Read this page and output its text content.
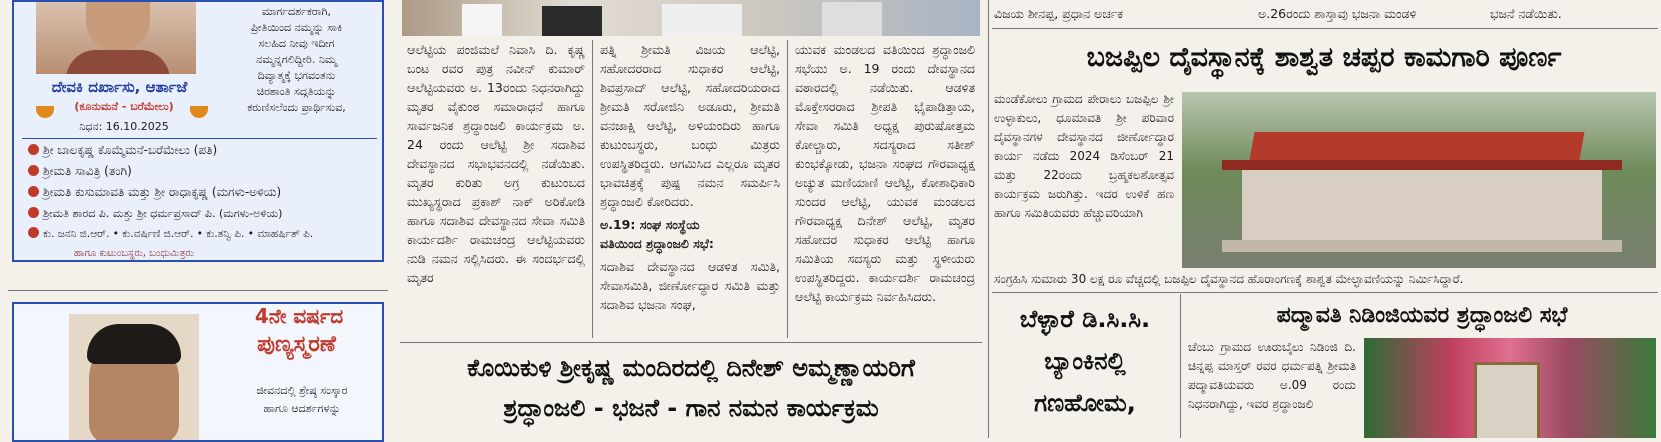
ಮಾರ್ಗದರ್ಶಕರಾಗಿ,
ಪ್ರೀತಿಯಿಂದ ನಮ್ಮನ್ನು ಸಾಕಿ
ಸಲಹಿದ ನೀವು ಇದೀಗ
ನಮ್ಮನ್ನಗಲಿದ್ದೀರಿ. ನಿಮ್ಮ
ದಿವ್ಯಾತ್ಮಕ್ಕೆ ಭಗವಂತನು
ಚಿರಶಾಂತಿ ಸದ್ಗತಿಯನ್ನು
ಕರುಣಿಸಲೆಂದು ಪ್ರಾರ್ಥಿಸುವ,
ದೇವಕಿ ದರ್ಖಾಸು, ಆರ್ತಾಜೆ
(ಕೂನುಮನೆ - ಬರೆಮೇಲು)
ನಿಧನ: 16.10.2025
ಶ್ರೀ ಬಾಲಕೃಷ್ಣ ಕೊಮ್ಮೆಮನೆ-ಬರೆಮೇಲು (ಪತಿ)
ಶ್ರೀಮತಿ ಸಾವಿತ್ರಿ (ತಂಗಿ)
ಶ್ರೀಮತಿ ಕುಸುಮಾವತಿ ಮತ್ತು ಶ್ರೀ ರಾಧಾಕೃಷ್ಣ (ಮಗಳು-ಅಳಿಯ)
ಶ್ರೀಮತಿ ಶಾರದ ಪಿ. ಮತ್ತು ಶ್ರೀ ಧರ್ಮಪ್ರಸಾದ್ ಪಿ. (ಮಗಳು-ಅಳಿಯ)
ಕು. ಜನನಿ ಜಿ.ಆರ್. • ಕು.ವರ್ಷಿಣಿ ಜಿ.ಆರ್. • ಕು.ತನ್ವಿ ಪಿ. • ಮಾಹರ್ಷಿತ್ ಪಿ.
ಹಾಗೂ ಕುಟುಂಬಸ್ಥರು, ಬಂಧುಮಿತ್ರರು
4ನೇ ವರ್ಷದ
ಪುಣ್ಯಸ್ಮರಣೆ
ಜೀವನದಲ್ಲಿ ಶ್ರೇಷ್ಠ ಸಂಸ್ಕಾರ
ಹಾಗೂ ಆದರ್ಶಗಳನ್ನು
ಆಲೆಟ್ಟಿಯ ಪಂಜಿಮಲೆ ನಿವಾಸಿ ದಿ. ಕೃಷ್ಣ ಬಂಟ ರವರ ಪುತ್ರ ನವೀನ್ ಕುಮಾರ್ ಆಲೆಟ್ಟಿಯವರು ಅ. 13ರಂದು ನಿಧನರಾಗಿದ್ದು ಮೃತರ ವೈಕುಂಠ ಸಮಾರಾಧನೆ ಹಾಗೂ ಸಾರ್ವಜನಿಕ ಶ್ರದ್ಧಾಂಜಲಿ ಕಾರ್ಯಕ್ರಮ ಅ. 24 ರಂದು ಆಲೆಟ್ಟಿ ಶ್ರೀ ಸದಾಶಿವ ದೇವಸ್ಥಾನದ ಸಭಾಭವನದಲ್ಲಿ ನಡೆಯಿತು. ಮೃತರ ಕುರಿತು ಅಗ್ರ ಕುಟುಂಬದ ಮುಖ್ಯಸ್ಥರಾದ ಪ್ರಕಾಶ್ ನಾಕ್ ಅರಿಕೋಡಿ ಹಾಗೂ ಸದಾಶಿವ ದೇವಸ್ಥಾನದ ಸೇವಾ ಸಮಿತಿ ಕಾರ್ಯದರ್ಶಿ ರಾಮಚಂದ್ರ ಆಲೆಟ್ಟಿಯವರು ನುಡಿ ನಮನ ಸಲ್ಲಿಸಿದರು. ಈ ಸಂದರ್ಭದಲ್ಲಿ ಮೃತರ
ಪತ್ನಿ ಶ್ರೀಮತಿ ವಿಜಯ ಆಲೆಟ್ಟಿ, ಸಹೋದರರಾದ ಸುಧಾಕರ ಆಲೆಟ್ಟಿ, ಶಿವಪ್ರಸಾದ್ ಆಲೆಟ್ಟಿ, ಸಹೋದರಿಯರಾದ ಶ್ರೀಮತಿ ಸರೋಜಿನಿ ಅಡೂರು, ಶ್ರೀಮತಿ ವನಜಾಕ್ಷಿ ಆಲೆಟ್ಟಿ, ಅಳಿಯಂದಿರು ಹಾಗೂ ಕುಟುಂಬಸ್ಥರು, ಬಂಧು ಮಿತ್ರರು ಉಪಸ್ಥಿತರಿದ್ದರು. ಆಗಮಿಸಿದ ಎಲ್ಲರೂ ಮೃತರ ಭಾವಚಿತ್ರಕ್ಕೆ ಪುಷ್ಪ ನಮನ ಸಮರ್ಪಿಸಿ ಶ್ರದ್ಧಾಂಜಲಿ ಕೋರಿದರು.
ಅ.19: ಸಂಘ ಸಂಸ್ಥೆಯ
ವತಿಯಿಂದ ಶ್ರದ್ಧಾಂಜಲಿ ಸಭೆ:
ಸದಾಶಿವ ದೇವಸ್ಥಾನದ ಆಡಳಿತ ಸಮಿತಿ, ಸೇವಾಸಮಿತಿ, ಜೀರ್ಣೋದ್ಧಾರ ಸಮಿತಿ ಮತ್ತು ಸದಾಶಿವ ಭಜನಾ ಸಂಘ,
ಯುವಕ ಮಂಡಲದ ವತಿಯಿಂದ ಶ್ರದ್ಧಾಂಜಲಿ ಸಭೆಯು ಅ. 19 ರಂದು ದೇವಸ್ಥಾನದ ವಠಾರದಲ್ಲಿ ನಡೆಯಿತು. ಆಡಳಿತ ಮೊಕ್ತೇಸರರಾದ ಶ್ರೀಪತಿ ಭೈಪಾಡಿತ್ತಾಯ, ಸೇವಾ ಸಮಿತಿ ಅಧ್ಯಕ್ಷ ಪುರುಷೋತ್ತಮ ಕೋಲ್ಚಾರು, ಸದಸ್ಯರಾದ ಸತೀಶ್ ಕುಂಭಕ್ಕೋಡು, ಭಜನಾ ಸಂಘದ ಗೌರವಾಧ್ಯಕ್ಷ ಅಚ್ಯುತ ಮಣಿಯಾಣಿ ಆಲೆಟ್ಟಿ, ಕೋಶಾಧಿಕಾರಿ ಸುಂದರ ಆಲೆಟ್ಟಿ, ಯುವಕ ಮಂಡಲದ ಗೌರವಾಧ್ಯಕ್ಷ ದಿನೇಶ್ ಆಲೆಟ್ಟಿ, ಮೃತರ ಸಹೋದರ ಸುಧಾಕರ ಆಲೆಟ್ಟಿ ಹಾಗೂ ಸಮಿತಿಯ ಸದಸ್ಯರು ಮತ್ತು ಸ್ಥಳೀಯರು ಉಪಸ್ಥಿತರಿದ್ದರು. ಕಾರ್ಯದರ್ಶಿ ರಾಮಚಂದ್ರ ಆಲೆಟ್ಟಿ ಕಾರ್ಯಕ್ರಮ ನಿರ್ವಹಿಸಿದರು.
ಕೊಯಿಕುಳಿ ಶ್ರೀಕೃಷ್ಣ ಮಂದಿರದಲ್ಲಿ ದಿನೇಶ್ ಅಮ್ಮಣ್ಣಾಯರಿಗೆ
ಶ್ರದ್ಧಾಂಜಲಿ - ಭಜನೆ - ಗಾನ ನಮನ ಕಾರ್ಯಕ್ರಮ
ವಿಜಯ ಶೀನಪ್ಪ, ಪ್ರಧಾನ ಅರ್ಚಕ	ಅ.26ರಂದು ಶಾಸ್ತಾವು ಭಜನಾ ಮಂಡಳಿ	ಭಜನೆ ನಡೆಯಿತು.
ಬಜಪ್ಪಿಲ ದೈವಸ್ಥಾನಕ್ಕೆ ಶಾಶ್ವತ ಚಪ್ಪರ ಕಾಮಗಾರಿ ಪೂರ್ಣ
ಮಂಡೆಕೋಲು ಗ್ರಾಮದ ಪೇರಾಲು ಬಜಪ್ಪಿಲ ಶ್ರೀ ಉಳ್ಳಾಕುಲು, ಧೂಮಾವತಿ ಶ್ರೀ ಪರಿವಾರ ದೈವಸ್ಥಾನಗಳ ದೇವಸ್ಥಾನದ ಜೀರ್ಣೋದ್ಧಾರ ಕಾರ್ಯ ನಡೆದು 2024 ಡಿಸೆಂಬರ್ 21 ಮತ್ತು 22ರಂದು ಬ್ರಹ್ಮಕಲಶೋತ್ಸವ ಕಾರ್ಯಕ್ರಮ ಜರುಗಿತ್ತು. ಇದರ ಉಳಿಕೆ ಹಣ ಹಾಗೂ ಸಮಿತಿಯವರು ಹೆಚ್ಚುವರಿಯಾಗಿ
ಸಂಗ್ರಹಿಸಿ ಸುಮಾರು 30 ಲಕ್ಷ ರೂ ವೆಚ್ಚದಲ್ಲಿ ಬಜಪ್ಪಿಲ ದೈವಸ್ಥಾನದ ಹೊರಾಂಗಣಕ್ಕೆ ಶಾಶ್ವತ ಮೇಲ್ಛಾವಣಿಯನ್ನು ನಿರ್ಮಿಸಿದ್ದಾರೆ.
ಬೆಳ್ಳಾರೆ ಡಿ.ಸಿ.ಸಿ.
ಬ್ಯಾಂಕಿನಲ್ಲಿ
ಗಣಹೋಮ,
ಪದ್ಮಾವತಿ ನಿಡಿಂಜಿಯವರ ಶ್ರದ್ಧಾಂಜಲಿ ಸಭೆ
ಚೆಂಬು ಗ್ರಾಮದ ಊರುಬೈಲು ನಿಡಿಂಜಿ ದಿ. ಚಿನ್ನಪ್ಪ ಮಾಸ್ತರ್ ರವರ ಧರ್ಮಪತ್ನಿ ಶ್ರೀಮತಿ ಪದ್ಮಾವತಿಯವರು ಅ.09 ರಂದು ನಿಧನರಾಗಿದ್ದು, ಇವರ ಶ್ರದ್ಧಾಂಜಲಿ
